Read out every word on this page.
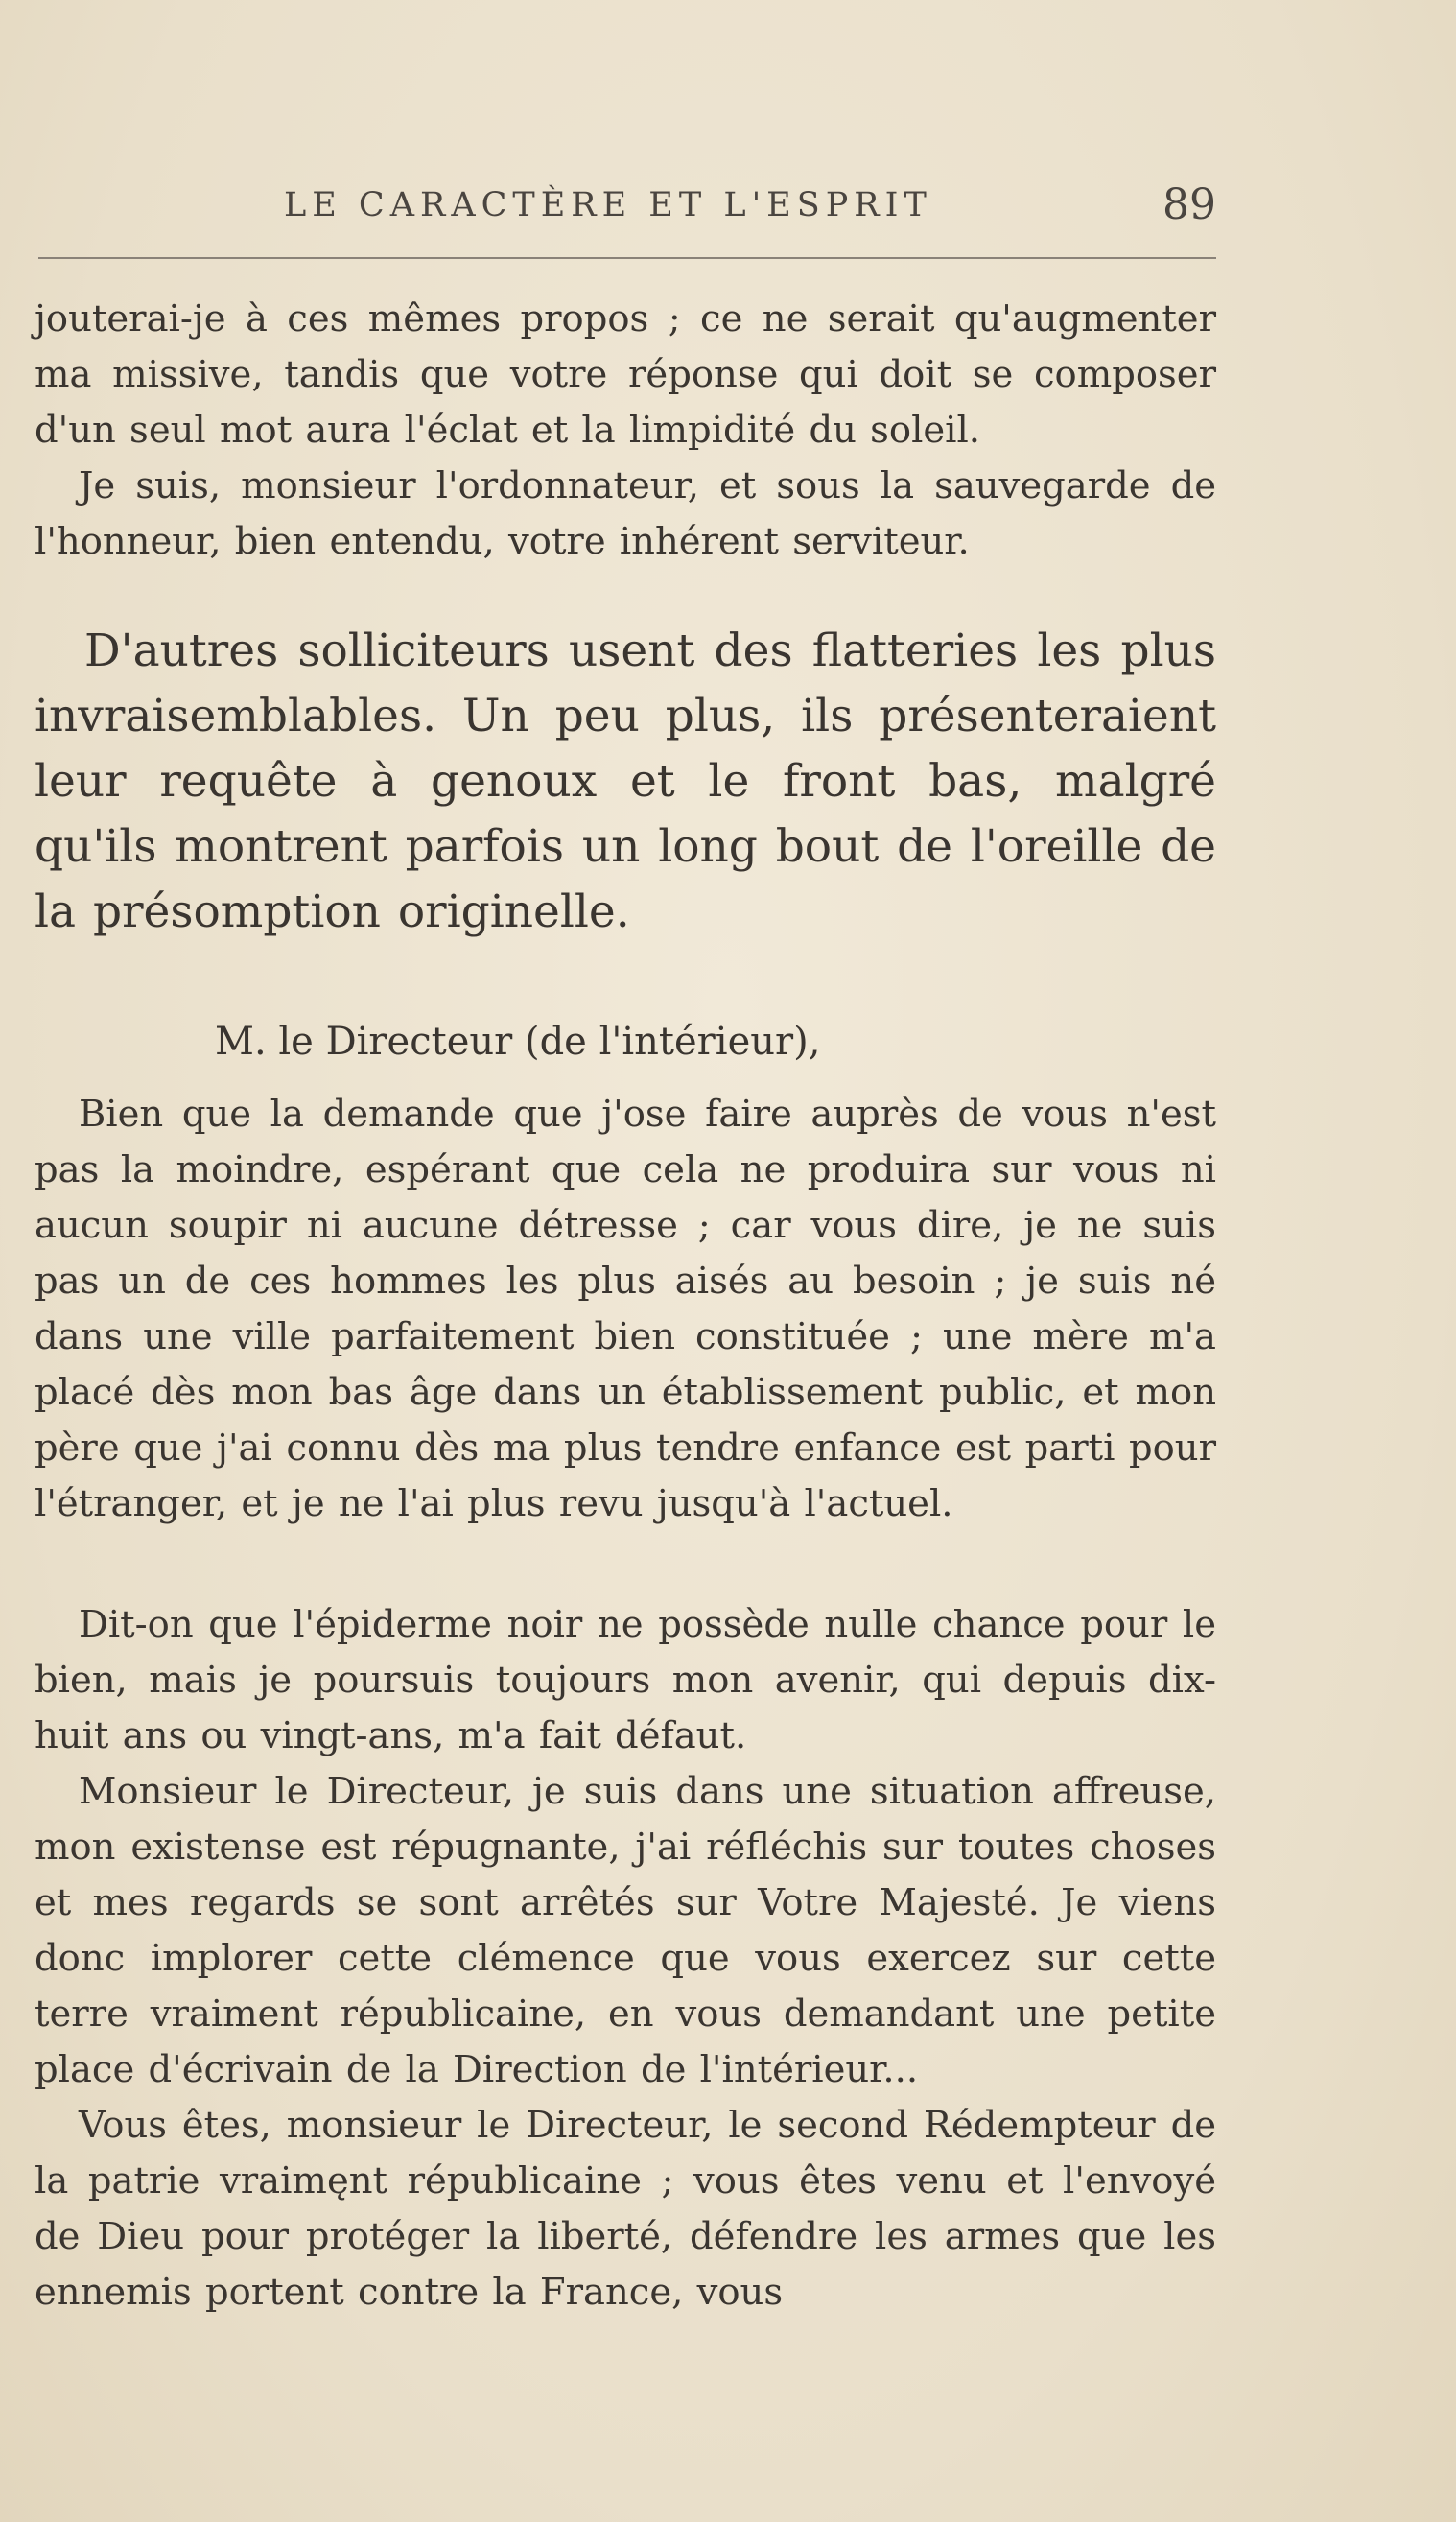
LE CARACTÈRE ET L'ESPRIT	89

jouterai-je à ces mêmes propos ; ce ne serait qu'augmenter ma missive, tandis que votre réponse qui doit se composer d'un seul mot aura l'éclat et la limpidité du soleil.

Je suis, monsieur l'ordonnateur, et sous la sauvegarde de l'honneur, bien entendu, votre inhérent serviteur.

D'autres solliciteurs usent des flatteries les plus invraisemblables. Un peu plus, ils présenteraient leur requête à genoux et le front bas, malgré qu'ils montrent parfois un long bout de l'oreille de la présomption originelle.

M. le Directeur (de l'intérieur),

Bien que la demande que j'ose faire auprès de vous n'est pas la moindre, espérant que cela ne produira sur vous ni aucun soupir ni aucune détresse ; car vous dire, je ne suis pas un de ces hommes les plus aisés au besoin ; je suis né dans une ville parfaitement bien constituée ; une mère m'a placé dès mon bas âge dans un établissement public, et mon père que j'ai connu dès ma plus tendre enfance est parti pour l'étranger, et je ne l'ai plus revu jusqu'à l'actuel.

Dit-on que l'épiderme noir ne possède nulle chance pour le bien, mais je poursuis toujours mon avenir, qui depuis dix-huit ans ou vingt-ans, m'a fait défaut.

Monsieur le Directeur, je suis dans une situation affreuse, mon existense est répugnante, j'ai réfléchis sur toutes choses et mes regards se sont arrêtés sur Votre Majesté. Je viens donc implorer cette clémence que vous exercez sur cette terre vraiment républicaine, en vous demandant une petite place d'écrivain de la Direction de l'intérieur...

Vous êtes, monsieur le Directeur, le second Rédempteur de la patrie vraimęnt républicaine ; vous êtes venu et l'envoyé de Dieu pour protéger la liberté, défendre les armes que les ennemis portent contre la France, vous
